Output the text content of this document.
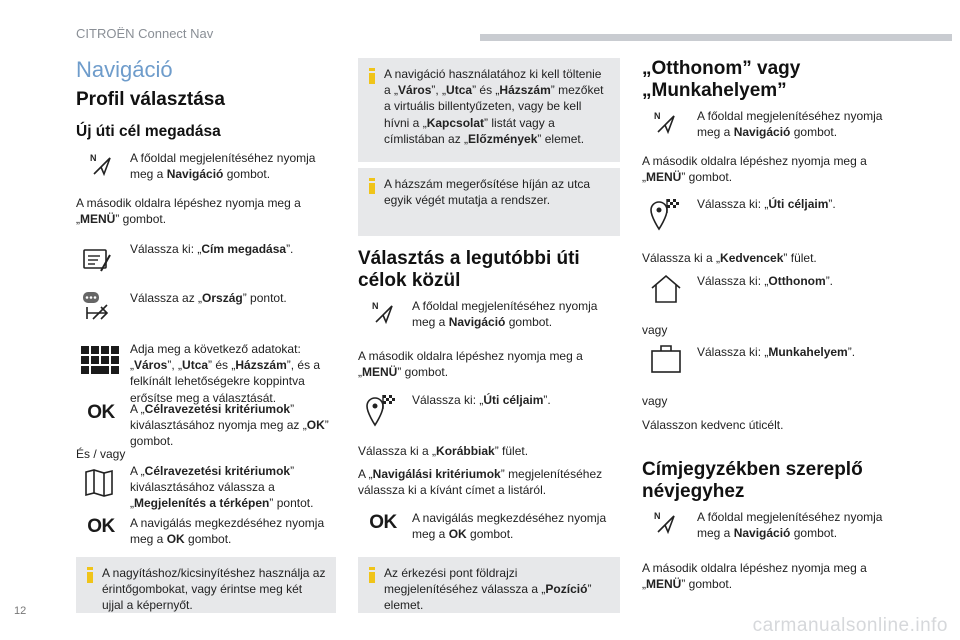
CITROËN Connect Nav
12
carmanualsonline.info
Navigáció
Profil választása
Új úti cél megadása
N	A főoldal megjelenítéséhez nyomja meg a Navigáció gombot.
A második oldalra lépéshez nyomja meg a „MENÜ” gombot.
Válassza ki: „Cím megadása”.
Válassza az „Ország” pontot.
Adja meg a következő adatokat: „Város”, „Utca” és „Házszám”, és a felkínált lehetőségekre koppintva erősítse meg a választását.
OK A „Célravezetési kritériumok” kiválasztásához nyomja meg az „OK” gombot.
És / vagy
A „Célravezetési kritériumok” kiválasztásához válassza a „Megjelenítés a térképen” pontot.
OK A navigálás megkezdéséhez nyomja meg a OK gombot.
A nagyításhoz/kicsinyítéshez használja az érintőgombokat, vagy érintse meg két ujjal a képernyőt.
A navigáció használatához ki kell töltenie a „Város”, „Utca” és „Házszám” mezőket a virtuális billentyűzeten, vagy be kell hívni a „Kapcsolat” listát vagy a címlistában az „Előzmények” elemet.
A házszám megerősítése híján az utca egyik végét mutatja a rendszer.
Választás a legutóbbi úti célok közül
N	A főoldal megjelenítéséhez nyomja meg a Navigáció gombot.
A második oldalra lépéshez nyomja meg a „MENÜ” gombot.
Válassza ki: „Úti céljaim”.
Válassza ki a „Korábbiak” fület.
A „Navigálási kritériumok” megjelenítéséhez válassza ki a kívánt címet a listáról.
OK A navigálás megkezdéséhez nyomja meg a OK gombot.
Az érkezési pont földrajzi megjelenítéséhez válassza a „Pozíció” elemet.
„Otthonom” vagy „Munkahelyem”
N	A főoldal megjelenítéséhez nyomja meg a Navigáció gombot.
A második oldalra lépéshez nyomja meg a „MENÜ” gombot.
Válassza ki: „Úti céljaim”.
Válassza ki a „Kedvencek” fület.
Válassza ki: „Otthonom”.
vagy
Válassza ki: „Munkahelyem”.
vagy
Válasszon kedvenc úticélt.
Címjegyzékben szereplő névjegyhez
N	A főoldal megjelenítéséhez nyomja meg a Navigáció gombot.
A második oldalra lépéshez nyomja meg a „MENÜ” gombot.
